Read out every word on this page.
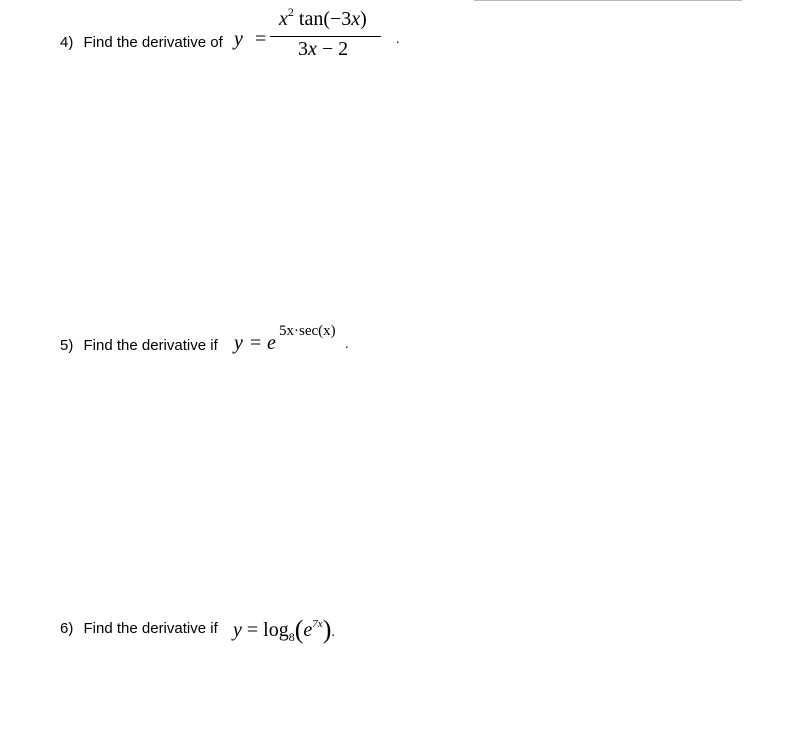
4) Find the derivative of y =
$x^2$ tan(−3x)
3x − 2	.
5) Find the derivative if y = e
5x·sec(x)
.
6) Find the derivative if $y = \log_8(e^{7x})$.
